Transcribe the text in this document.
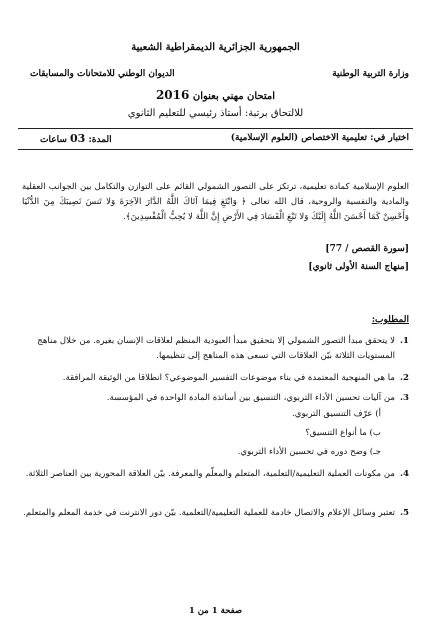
الجمهورية الجزائرية الديمقراطية الشعبية
وزارة التربية الوطنية
الديوان الوطني للامتحانات والمسابقات
امتحان مهني بعنوان 2016
للالتحاق برتبة: أستاذ رئيسي للتعليم الثانوي
اختبار في: تعليمية الاختصاص (العلوم الإسلامية)
المدة: 03 ساعات
العلوم الإسلامية كمادة تعليمية، ترتكز على التصور الشمولي القائم على التوازن والتكامل بين الجوانب العقلية والمادية والنفسية والروحية، قال الله تعالى ﴿ وَابْتَغِ فِيمَا آتَاكَ اللَّهُ الدَّارَ الآخِرَةَ وَلا تَنسَ نَصِيبَكَ مِنَ الدُّنْيَا وَأَحْسِنْ كَمَا أَحْسَنَ اللَّهُ إِلَيْكَ وَلا تَبْغِ الْفَسَادَ فِي الأَرْضِ إِنَّ اللَّهَ لا يُحِبُّ الْمُفْسِدِينَ﴾.
[سورة القصص / 77]
[منهاج السنة الأولى ثانوي]
المطلوب:
1.
لا يتحقق مبدأ التصور الشمولي إلا بتحقيق مبدأ العبودية المنظم لعلاقات الإنسان بغيره. من خلال مناهج المستويات الثلاثة بيّن العلاقات التي تسعى هذه المناهج إلى تنظيمها.
2.
ما هي المنهجية المعتمدة في بناء موضوعات التفسير الموضوعي؟ انطلاقا من الوثيقة المرافقة.
3.
من آليات تحسين الأداء التربوي، التنسيق بين أساتذة المادة الواحدة في المؤسسة.
أ) عرّف التنسيق التربوي.
ب) ما أنواع التنسيق؟
جـ) وضح دوره في تحسين الأداء التربوي.
4.
من مكونات العملية التعليمية/التعلمية، المتعلم والمعلّم والمعرفة. بيّن العلاقة المحورية بين العناصر الثلاثة.
5.
تعتبر وسائل الإعلام والاتصال خادمة للعملية التعليمية/التعلمية. بيّن دور الانترنت في خدمة المعلم والمتعلم.
صفحة 1 من 1
